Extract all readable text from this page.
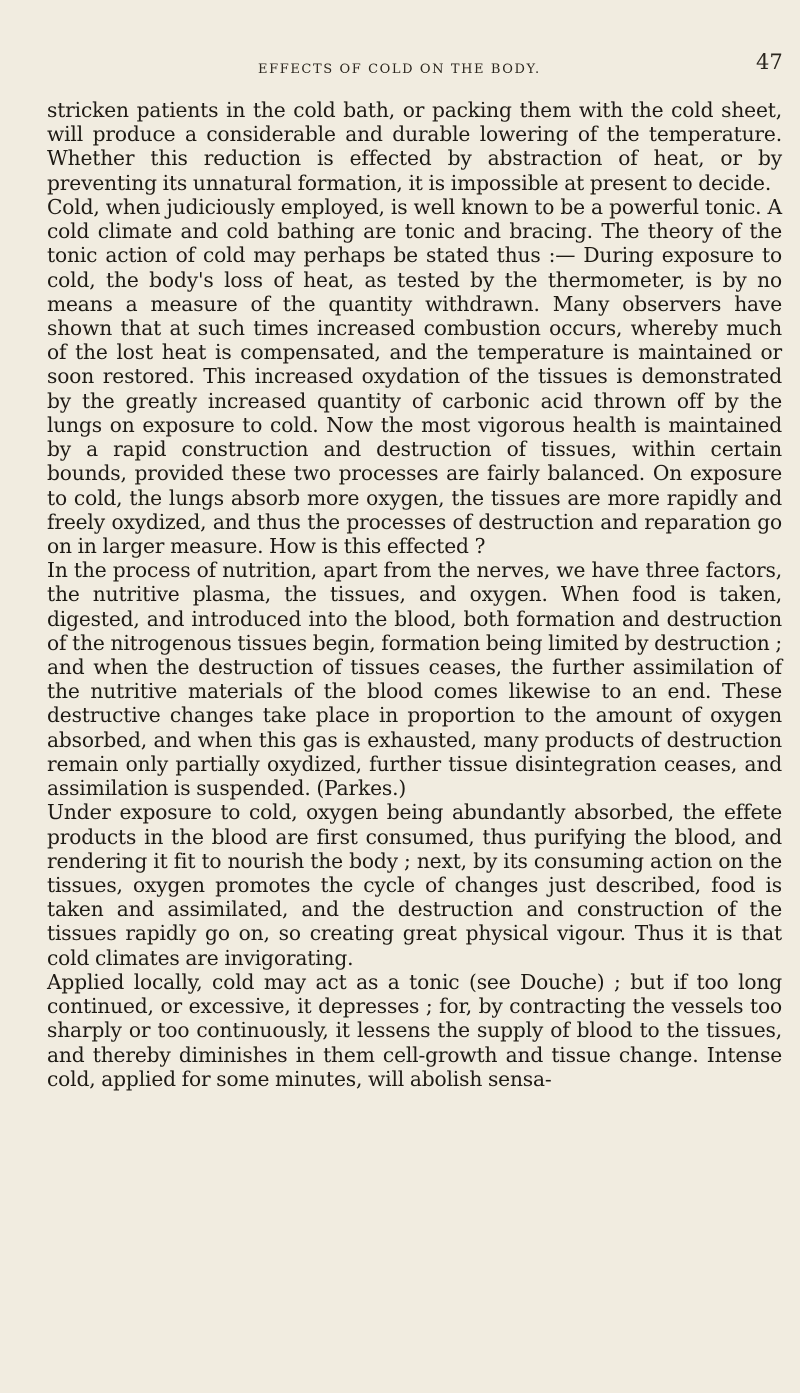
EFFECTS OF COLD ON THE BODY.	47

stricken patients in the cold bath, or packing them with the cold sheet, will produce a considerable and durable lowering of the temperature. Whether this reduction is effected by abstraction of heat, or by preventing its unnatural formation, it is impossible at present to decide.

Cold, when judiciously employed, is well known to be a powerful tonic. A cold climate and cold bathing are tonic and bracing. The theory of the tonic action of cold may perhaps be stated thus :— During exposure to cold, the body's loss of heat, as tested by the thermometer, is by no means a measure of the quantity withdrawn. Many observers have shown that at such times increased combustion occurs, whereby much of the lost heat is compensated, and the temperature is maintained or soon restored. This increased oxydation of the tissues is demonstrated by the greatly increased quantity of carbonic acid thrown off by the lungs on exposure to cold. Now the most vigorous health is maintained by a rapid construction and destruction of tissues, within certain bounds, provided these two processes are fairly balanced. On exposure to cold, the lungs absorb more oxygen, the tissues are more rapidly and freely oxydized, and thus the processes of destruction and reparation go on in larger measure. How is this effected ?

In the process of nutrition, apart from the nerves, we have three factors, the nutritive plasma, the tissues, and oxygen. When food is taken, digested, and introduced into the blood, both formation and destruction of the nitrogenous tissues begin, formation being limited by destruction ; and when the destruction of tissues ceases, the further assimilation of the nutritive materials of the blood comes likewise to an end. These destructive changes take place in proportion to the amount of oxygen absorbed, and when this gas is exhausted, many products of destruction remain only partially oxydized, further tissue disintegration ceases, and assimilation is suspended. (Parkes.)

Under exposure to cold, oxygen being abundantly absorbed, the effete products in the blood are first consumed, thus purifying the blood, and rendering it fit to nourish the body ; next, by its consuming action on the tissues, oxygen promotes the cycle of changes just described, food is taken and assimilated, and the destruction and construction of the tissues rapidly go on, so creating great physical vigour. Thus it is that cold climates are invigorating.

Applied locally, cold may act as a tonic (see Douche) ; but if too long continued, or excessive, it depresses ; for, by contracting the vessels too sharply or too continuously, it lessens the supply of blood to the tissues, and thereby diminishes in them cell-growth and tissue change. Intense cold, applied for some minutes, will abolish sensa-
